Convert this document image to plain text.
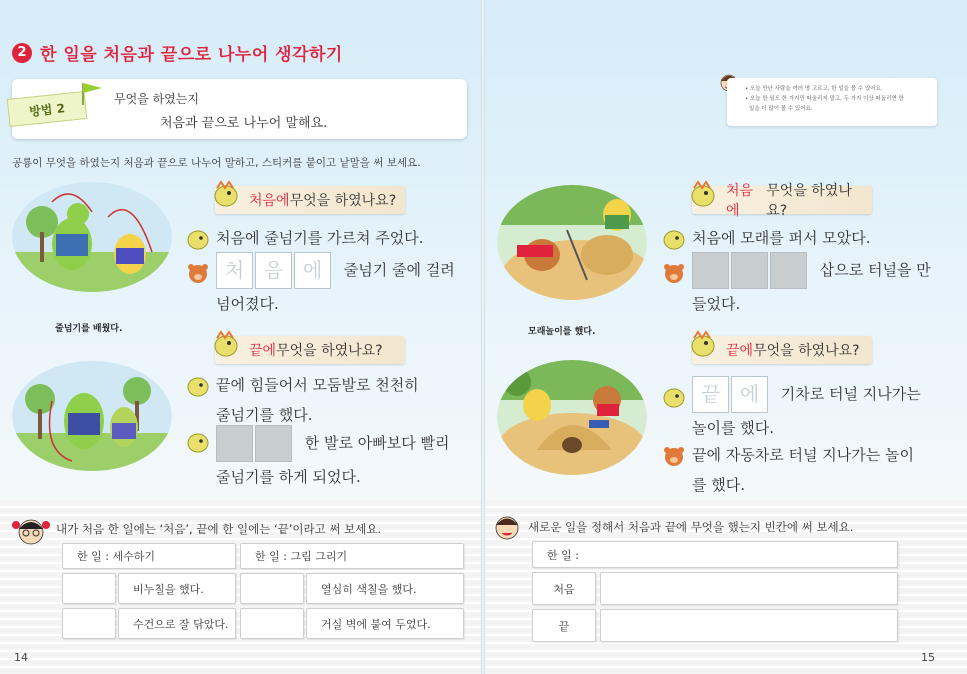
2 한 일을 처음과 끝으로 나누어 생각하기
방법 2
무엇을 하였는지
처음과 끝으로 나누어 말해요.
공룡이 무엇을 하였는지 처음과 끝으로 나누어 말하고, 스티커를 붙이고 낱말을 써 보세요.
줄넘기를 배웠다.
처음에 무엇을 하였나요?
처음에 줄넘기를 가르쳐 주었다.
처 음 에 줄넘기 줄에 걸려
넘어졌다.
끝에 무엇을 하였나요?
끝에 힘들어서 모둠발로 천천히
줄넘기를 했다.
한 발로 아빠보다 빨리
줄넘기를 하게 되었다.
내가 처음 한 일에는 ‘처음’, 끝에 한 일에는 ‘끝’이라고 써 보세요.
한 일 : 세수하기
비누칠을 했다.
수건으로 잘 닦았다.
한 일 : 그림 그리기
열심히 색칠을 했다.
거실 벽에 붙여 두었다.
14
• 오늘 만난 사람을 여러 명 고르고, 한 일을 볼 수 있어요.
• 오늘 한 일도 한 가지만 떠올리지 말고, 두 가지 이상 떠올리면 한
일을 더 많이 볼 수 있어요.
모래놀이를 했다.
처음에
무엇을 하였나요?
처음에 모래를 퍼서 모았다.
삽으로 터널을 만
들었다.
끝에 무엇을 하였나요?
끝 에 기차로 터널 지나가는
놀이를 했다.
끝에 자동차로 터널 지나가는 놀이
를 했다.
새로운 일을 정해서 처음과 끝에 무엇을 했는지 빈칸에 써 보세요.
한 일 :
처음
끝
15
